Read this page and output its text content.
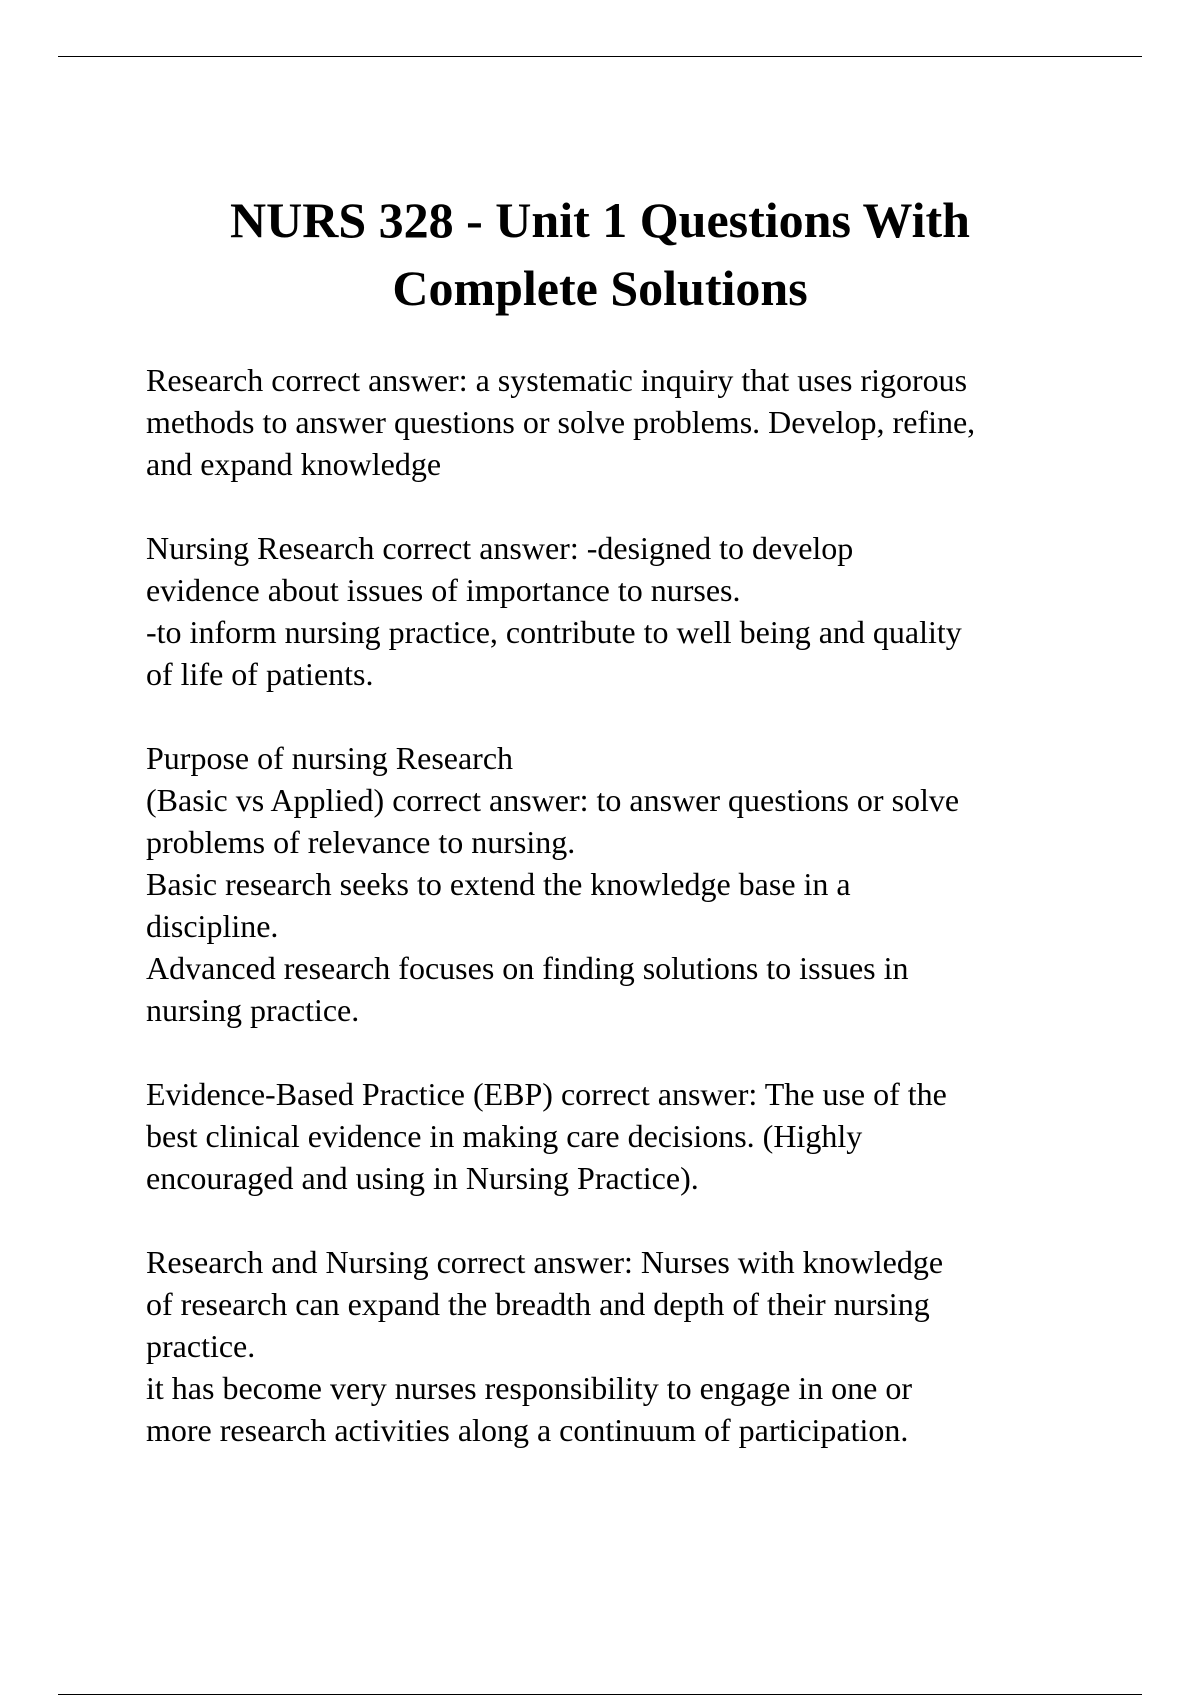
NURS 328 - Unit 1 Questions With
Complete Solutions
Research correct answer: a systematic inquiry that uses rigorous
methods to answer questions or solve problems. Develop, refine,
and expand knowledge
Nursing Research correct answer: -designed to develop
evidence about issues of importance to nurses.
-to inform nursing practice, contribute to well being and quality
of life of patients.
Purpose of nursing Research
(Basic vs Applied) correct answer: to answer questions or solve
problems of relevance to nursing.
Basic research seeks to extend the knowledge base in a
discipline.
Advanced research focuses on finding solutions to issues in
nursing practice.
Evidence-Based Practice (EBP) correct answer: The use of the
best clinical evidence in making care decisions. (Highly
encouraged and using in Nursing Practice).
Research and Nursing correct answer: Nurses with knowledge
of research can expand the breadth and depth of their nursing
practice.
it has become very nurses responsibility to engage in one or
more research activities along a continuum of participation.
